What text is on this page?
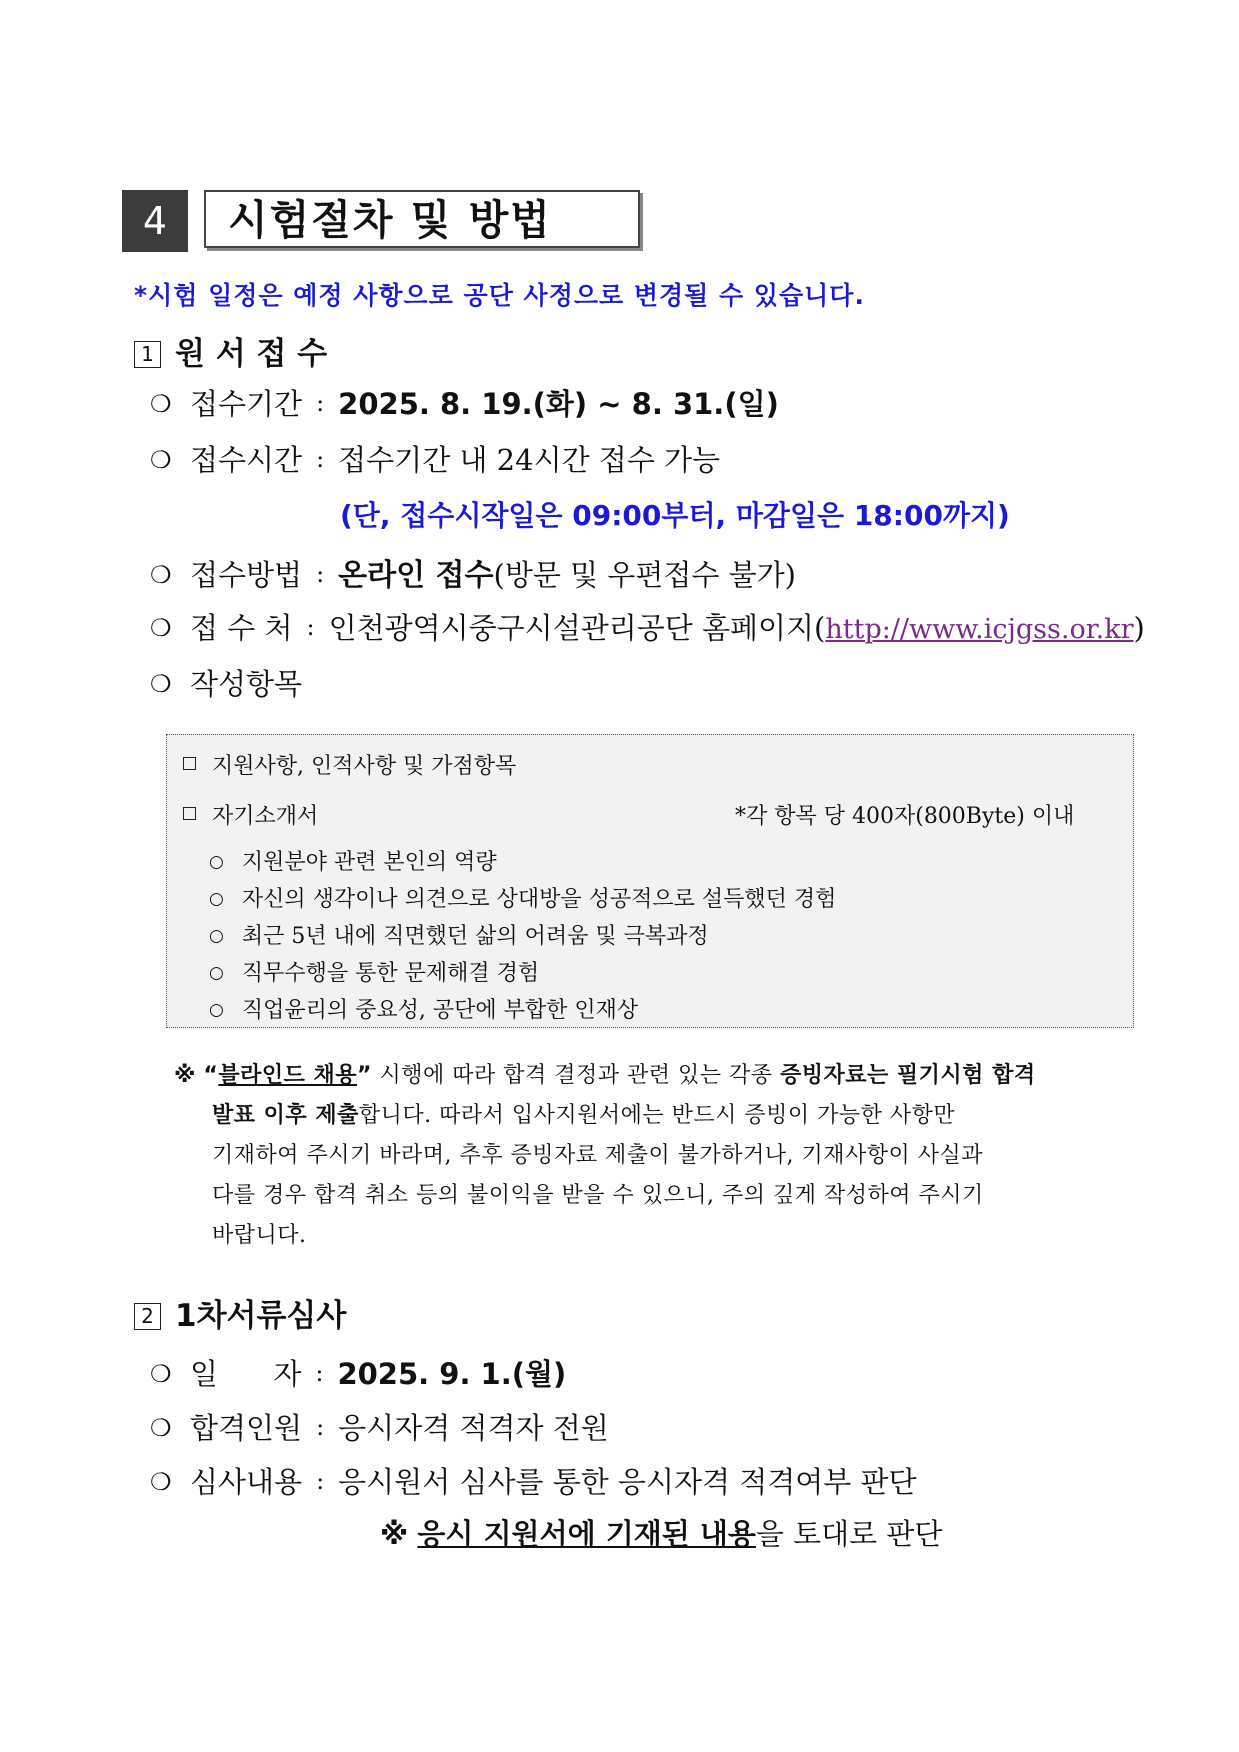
4	시험절차 및 방법
*시험 일정은 예정 사항으로 공단 사정으로 변경될 수 있습니다.
1 원 서 접 수
❍ 접수기간 : 2025. 8. 19.(화) ~ 8. 31.(일)
❍ 접수시간 : 접수기간 내 24시간 접수 가능
(단, 접수시작일은 09:00부터, 마감일은 18:00까지)
❍ 접수방법 : 온라인 접수(방문 및 우편접수 불가)
❍ 접 수 처 : 인천광역시중구시설관리공단 홈페이지(http://www.icjgss.or.kr)
❍ 작성항목
지원사항, 인적사항 및 가점항목
자기소개서	*각 항목 당 400자(800Byte) 이내
○ 지원분야 관련 본인의 역량
○ 자신의 생각이나 의견으로 상대방을 성공적으로 설득했던 경험
○ 최근 5년 내에 직면했던 삶의 어려움 및 극복과정
○ 직무수행을 통한 문제해결 경험
○ 직업윤리의 중요성, 공단에 부합한 인재상
※ “블라인드 채용” 시행에 따라 합격 결정과 관련 있는 각종 증빙자료는 필기시험 합격
발표 이후 제출합니다. 따라서 입사지원서에는 반드시 증빙이 가능한 사항만
기재하여 주시기 바라며, 추후 증빙자료 제출이 불가하거나, 기재사항이 사실과
다를 경우 합격 취소 등의 불이익을 받을 수 있으니, 주의 깊게 작성하여 주시기
바랍니다.
2 1차서류심사
❍ 일      자 : 2025. 9. 1.(월)
❍ 합격인원 : 응시자격 적격자 전원
❍ 심사내용 : 응시원서 심사를 통한 응시자격 적격여부 판단
※ 응시 지원서에 기재된 내용을 토대로 판단
